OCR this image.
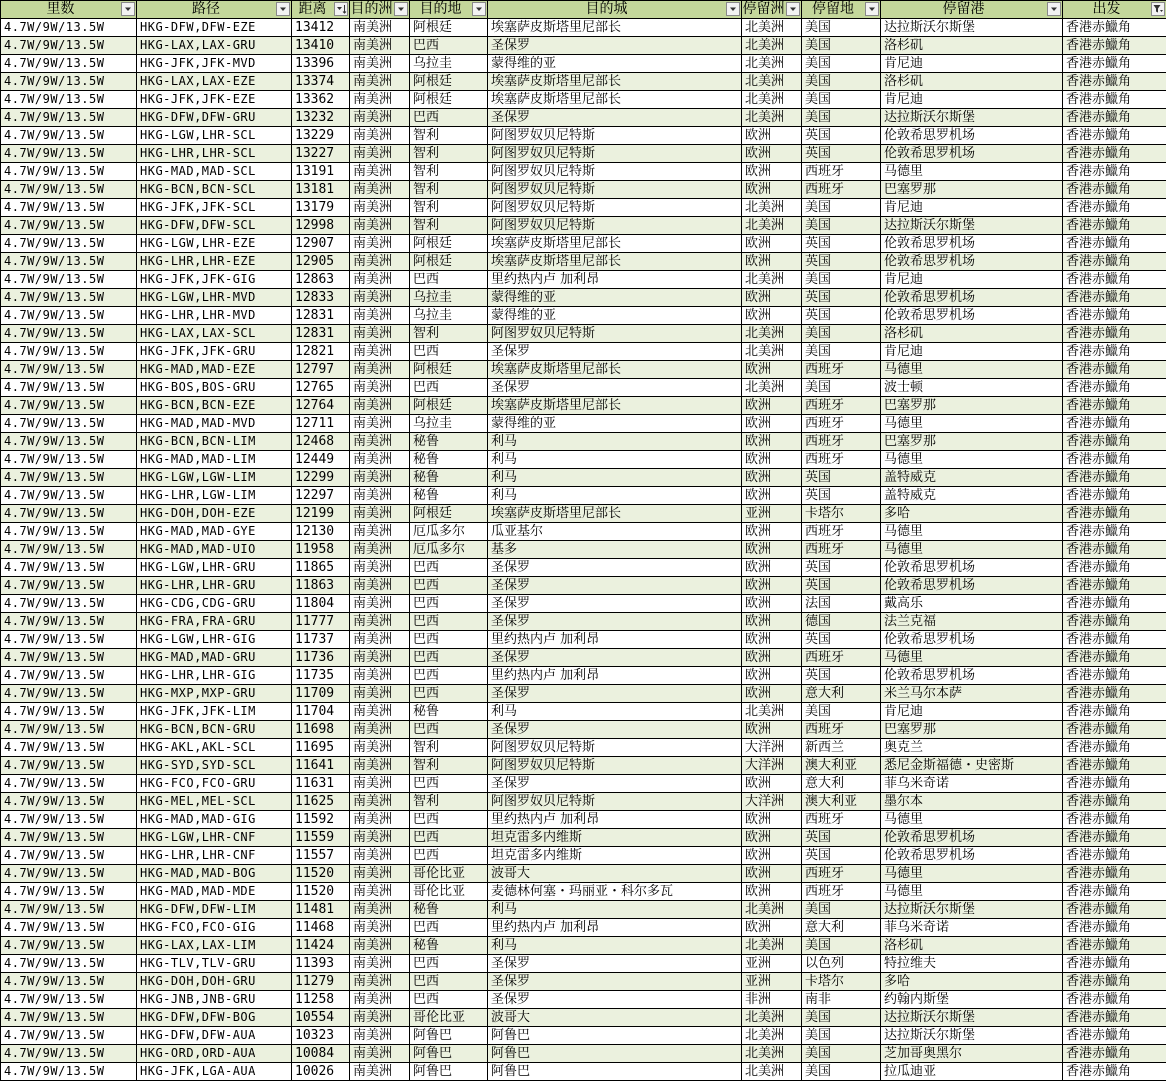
里数	路径	距离	目的洲	目的地	目的城	停留洲	停留地	停留港	出发

4.7W/9W/13.5W	HKG-DFW,DFW-EZE	13412	南美洲	阿根廷	埃塞萨皮斯塔里尼部长	北美洲	美国	达拉斯沃尔斯堡	香港赤鱲角
4.7W/9W/13.5W	HKG-LAX,LAX-GRU	13410	南美洲	巴西	圣保罗	北美洲	美国	洛杉矶	香港赤鱲角
4.7W/9W/13.5W	HKG-JFK,JFK-MVD	13396	南美洲	乌拉圭	蒙得维的亚	北美洲	美国	肯尼迪	香港赤鱲角
4.7W/9W/13.5W	HKG-LAX,LAX-EZE	13374	南美洲	阿根廷	埃塞萨皮斯塔里尼部长	北美洲	美国	洛杉矶	香港赤鱲角
4.7W/9W/13.5W	HKG-JFK,JFK-EZE	13362	南美洲	阿根廷	埃塞萨皮斯塔里尼部长	北美洲	美国	肯尼迪	香港赤鱲角
4.7W/9W/13.5W	HKG-DFW,DFW-GRU	13232	南美洲	巴西	圣保罗	北美洲	美国	达拉斯沃尔斯堡	香港赤鱲角
4.7W/9W/13.5W	HKG-LGW,LHR-SCL	13229	南美洲	智利	阿图罗奴贝尼特斯	欧洲	英国	伦敦希思罗机场	香港赤鱲角
4.7W/9W/13.5W	HKG-LHR,LHR-SCL	13227	南美洲	智利	阿图罗奴贝尼特斯	欧洲	英国	伦敦希思罗机场	香港赤鱲角
4.7W/9W/13.5W	HKG-MAD,MAD-SCL	13191	南美洲	智利	阿图罗奴贝尼特斯	欧洲	西班牙	马德里	香港赤鱲角
4.7W/9W/13.5W	HKG-BCN,BCN-SCL	13181	南美洲	智利	阿图罗奴贝尼特斯	欧洲	西班牙	巴塞罗那	香港赤鱲角
4.7W/9W/13.5W	HKG-JFK,JFK-SCL	13179	南美洲	智利	阿图罗奴贝尼特斯	北美洲	美国	肯尼迪	香港赤鱲角
4.7W/9W/13.5W	HKG-DFW,DFW-SCL	12998	南美洲	智利	阿图罗奴贝尼特斯	北美洲	美国	达拉斯沃尔斯堡	香港赤鱲角
4.7W/9W/13.5W	HKG-LGW,LHR-EZE	12907	南美洲	阿根廷	埃塞萨皮斯塔里尼部长	欧洲	英国	伦敦希思罗机场	香港赤鱲角
4.7W/9W/13.5W	HKG-LHR,LHR-EZE	12905	南美洲	阿根廷	埃塞萨皮斯塔里尼部长	欧洲	英国	伦敦希思罗机场	香港赤鱲角
4.7W/9W/13.5W	HKG-JFK,JFK-GIG	12863	南美洲	巴西	里约热内卢 加利昂	北美洲	美国	肯尼迪	香港赤鱲角
4.7W/9W/13.5W	HKG-LGW,LHR-MVD	12833	南美洲	乌拉圭	蒙得维的亚	欧洲	英国	伦敦希思罗机场	香港赤鱲角
4.7W/9W/13.5W	HKG-LHR,LHR-MVD	12831	南美洲	乌拉圭	蒙得维的亚	欧洲	英国	伦敦希思罗机场	香港赤鱲角
4.7W/9W/13.5W	HKG-LAX,LAX-SCL	12831	南美洲	智利	阿图罗奴贝尼特斯	北美洲	美国	洛杉矶	香港赤鱲角
4.7W/9W/13.5W	HKG-JFK,JFK-GRU	12821	南美洲	巴西	圣保罗	北美洲	美国	肯尼迪	香港赤鱲角
4.7W/9W/13.5W	HKG-MAD,MAD-EZE	12797	南美洲	阿根廷	埃塞萨皮斯塔里尼部长	欧洲	西班牙	马德里	香港赤鱲角
4.7W/9W/13.5W	HKG-BOS,BOS-GRU	12765	南美洲	巴西	圣保罗	北美洲	美国	波士顿	香港赤鱲角
4.7W/9W/13.5W	HKG-BCN,BCN-EZE	12764	南美洲	阿根廷	埃塞萨皮斯塔里尼部长	欧洲	西班牙	巴塞罗那	香港赤鱲角
4.7W/9W/13.5W	HKG-MAD,MAD-MVD	12711	南美洲	乌拉圭	蒙得维的亚	欧洲	西班牙	马德里	香港赤鱲角
4.7W/9W/13.5W	HKG-BCN,BCN-LIM	12468	南美洲	秘鲁	利马	欧洲	西班牙	巴塞罗那	香港赤鱲角
4.7W/9W/13.5W	HKG-MAD,MAD-LIM	12449	南美洲	秘鲁	利马	欧洲	西班牙	马德里	香港赤鱲角
4.7W/9W/13.5W	HKG-LGW,LGW-LIM	12299	南美洲	秘鲁	利马	欧洲	英国	盖特威克	香港赤鱲角
4.7W/9W/13.5W	HKG-LHR,LGW-LIM	12297	南美洲	秘鲁	利马	欧洲	英国	盖特威克	香港赤鱲角
4.7W/9W/13.5W	HKG-DOH,DOH-EZE	12199	南美洲	阿根廷	埃塞萨皮斯塔里尼部长	亚洲	卡塔尔	多哈	香港赤鱲角
4.7W/9W/13.5W	HKG-MAD,MAD-GYE	12130	南美洲	厄瓜多尔	瓜亚基尔	欧洲	西班牙	马德里	香港赤鱲角
4.7W/9W/13.5W	HKG-MAD,MAD-UIO	11958	南美洲	厄瓜多尔	基多	欧洲	西班牙	马德里	香港赤鱲角
4.7W/9W/13.5W	HKG-LGW,LHR-GRU	11865	南美洲	巴西	圣保罗	欧洲	英国	伦敦希思罗机场	香港赤鱲角
4.7W/9W/13.5W	HKG-LHR,LHR-GRU	11863	南美洲	巴西	圣保罗	欧洲	英国	伦敦希思罗机场	香港赤鱲角
4.7W/9W/13.5W	HKG-CDG,CDG-GRU	11804	南美洲	巴西	圣保罗	欧洲	法国	戴高乐	香港赤鱲角
4.7W/9W/13.5W	HKG-FRA,FRA-GRU	11777	南美洲	巴西	圣保罗	欧洲	德国	法兰克福	香港赤鱲角
4.7W/9W/13.5W	HKG-LGW,LHR-GIG	11737	南美洲	巴西	里约热内卢 加利昂	欧洲	英国	伦敦希思罗机场	香港赤鱲角
4.7W/9W/13.5W	HKG-MAD,MAD-GRU	11736	南美洲	巴西	圣保罗	欧洲	西班牙	马德里	香港赤鱲角
4.7W/9W/13.5W	HKG-LHR,LHR-GIG	11735	南美洲	巴西	里约热内卢 加利昂	欧洲	英国	伦敦希思罗机场	香港赤鱲角
4.7W/9W/13.5W	HKG-MXP,MXP-GRU	11709	南美洲	巴西	圣保罗	欧洲	意大利	米兰马尔本萨	香港赤鱲角
4.7W/9W/13.5W	HKG-JFK,JFK-LIM	11704	南美洲	秘鲁	利马	北美洲	美国	肯尼迪	香港赤鱲角
4.7W/9W/13.5W	HKG-BCN,BCN-GRU	11698	南美洲	巴西	圣保罗	欧洲	西班牙	巴塞罗那	香港赤鱲角
4.7W/9W/13.5W	HKG-AKL,AKL-SCL	11695	南美洲	智利	阿图罗奴贝尼特斯	大洋洲	新西兰	奥克兰	香港赤鱲角
4.7W/9W/13.5W	HKG-SYD,SYD-SCL	11641	南美洲	智利	阿图罗奴贝尼特斯	大洋洲	澳大利亚	悉尼金斯福德・史密斯	香港赤鱲角
4.7W/9W/13.5W	HKG-FCO,FCO-GRU	11631	南美洲	巴西	圣保罗	欧洲	意大利	菲乌米奇诺	香港赤鱲角
4.7W/9W/13.5W	HKG-MEL,MEL-SCL	11625	南美洲	智利	阿图罗奴贝尼特斯	大洋洲	澳大利亚	墨尔本	香港赤鱲角
4.7W/9W/13.5W	HKG-MAD,MAD-GIG	11592	南美洲	巴西	里约热内卢 加利昂	欧洲	西班牙	马德里	香港赤鱲角
4.7W/9W/13.5W	HKG-LGW,LHR-CNF	11559	南美洲	巴西	坦克雷多内维斯	欧洲	英国	伦敦希思罗机场	香港赤鱲角
4.7W/9W/13.5W	HKG-LHR,LHR-CNF	11557	南美洲	巴西	坦克雷多内维斯	欧洲	英国	伦敦希思罗机场	香港赤鱲角
4.7W/9W/13.5W	HKG-MAD,MAD-BOG	11520	南美洲	哥伦比亚	波哥大	欧洲	西班牙	马德里	香港赤鱲角
4.7W/9W/13.5W	HKG-MAD,MAD-MDE	11520	南美洲	哥伦比亚	麦德林何塞・玛丽亚・科尔多瓦	欧洲	西班牙	马德里	香港赤鱲角
4.7W/9W/13.5W	HKG-DFW,DFW-LIM	11481	南美洲	秘鲁	利马	北美洲	美国	达拉斯沃尔斯堡	香港赤鱲角
4.7W/9W/13.5W	HKG-FCO,FCO-GIG	11468	南美洲	巴西	里约热内卢 加利昂	欧洲	意大利	菲乌米奇诺	香港赤鱲角
4.7W/9W/13.5W	HKG-LAX,LAX-LIM	11424	南美洲	秘鲁	利马	北美洲	美国	洛杉矶	香港赤鱲角
4.7W/9W/13.5W	HKG-TLV,TLV-GRU	11393	南美洲	巴西	圣保罗	亚洲	以色列	特拉维夫	香港赤鱲角
4.7W/9W/13.5W	HKG-DOH,DOH-GRU	11279	南美洲	巴西	圣保罗	亚洲	卡塔尔	多哈	香港赤鱲角
4.7W/9W/13.5W	HKG-JNB,JNB-GRU	11258	南美洲	巴西	圣保罗	非洲	南非	约翰内斯堡	香港赤鱲角
4.7W/9W/13.5W	HKG-DFW,DFW-BOG	10554	南美洲	哥伦比亚	波哥大	北美洲	美国	达拉斯沃尔斯堡	香港赤鱲角
4.7W/9W/13.5W	HKG-DFW,DFW-AUA	10323	南美洲	阿鲁巴	阿鲁巴	北美洲	美国	达拉斯沃尔斯堡	香港赤鱲角
4.7W/9W/13.5W	HKG-ORD,ORD-AUA	10084	南美洲	阿鲁巴	阿鲁巴	北美洲	美国	芝加哥奥黑尔	香港赤鱲角
4.7W/9W/13.5W	HKG-JFK,LGA-AUA	10026	南美洲	阿鲁巴	阿鲁巴	北美洲	美国	拉瓜迪亚	香港赤鱲角
